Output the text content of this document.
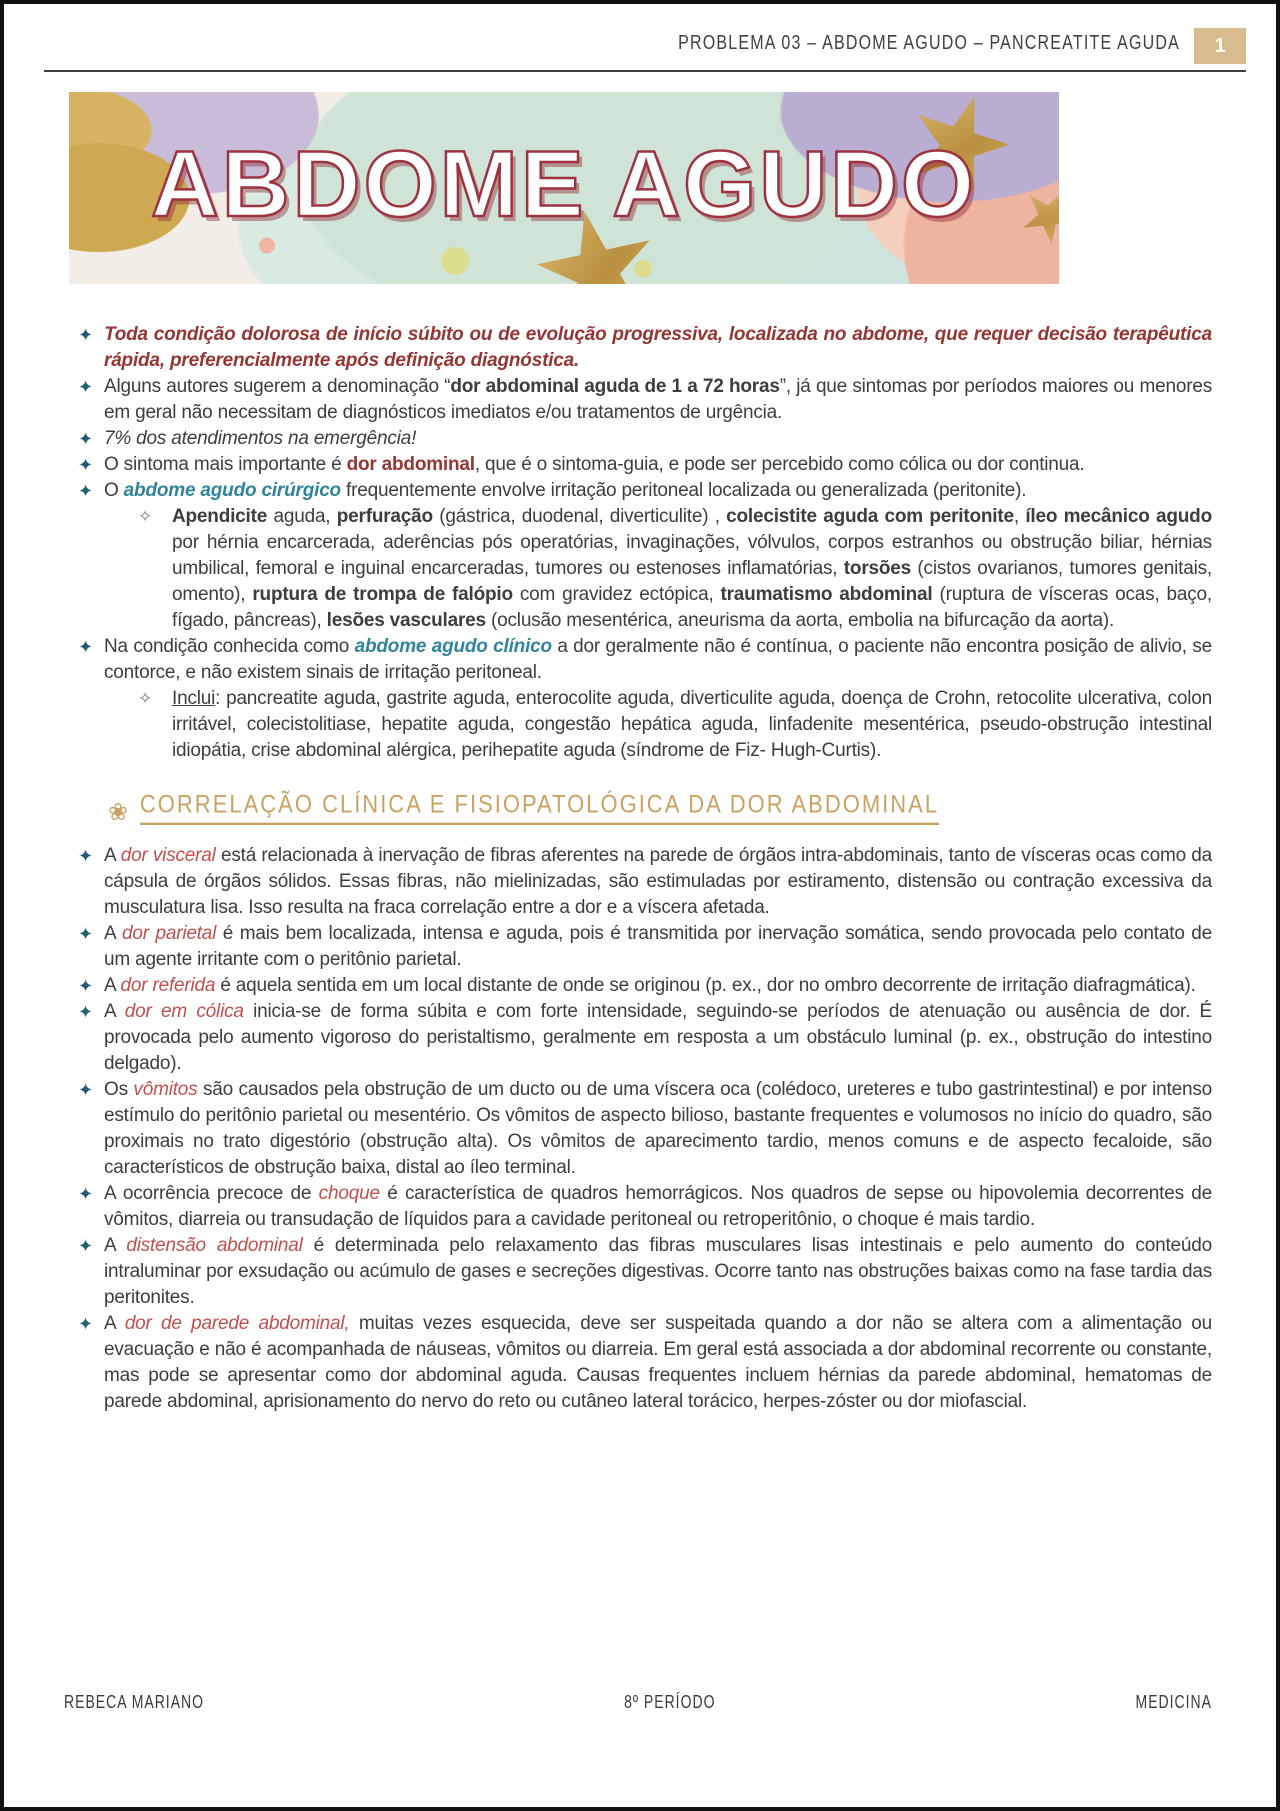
PROBLEMA 03 – ABDOME AGUDO – PANCREATITE AGUDA	1
ABDOME AGUDO
✦ Toda condição dolorosa de início súbito ou de evolução progressiva, localizada no abdome, que requer decisão terapêutica rápida, preferencialmente após definição diagnóstica.
✦ Alguns autores sugerem a denominação “dor abdominal aguda de 1 a 72 horas”, já que sintomas por períodos maiores ou menores em geral não necessitam de diagnósticos imediatos e/ou tratamentos de urgência.
✦ 7% dos atendimentos na emergência!
✦ O sintoma mais importante é dor abdominal, que é o sintoma-guia, e pode ser percebido como cólica ou dor continua.
✦ O abdome agudo cirúrgico frequentemente envolve irritação peritoneal localizada ou generalizada (peritonite).
✧	Apendicite aguda, perfuração (gástrica, duodenal, diverticulite) , colecistite aguda com peritonite, íleo mecânico agudo por hérnia encarcerada, aderências pós operatórias, invaginações, vólvulos, corpos estranhos ou obstrução biliar, hérnias umbilical, femoral e inguinal encarceradas, tumores ou estenoses inflamatórias, torsões (cistos ovarianos, tumores genitais, omento), ruptura de trompa de falópio com gravidez ectópica, traumatismo abdominal (ruptura de vísceras ocas, baço, fígado, pâncreas), lesões vasculares (oclusão mesentérica, aneurisma da aorta, embolia na bifurcação da aorta).
✦ Na condição conhecida como abdome agudo clínico a dor geralmente não é contínua, o paciente não encontra posição de alivio, se contorce, e não existem sinais de irritação peritoneal.
✧	Inclui: pancreatite aguda, gastrite aguda, enterocolite aguda, diverticulite aguda, doença de Crohn, retocolite ulcerativa, colon irritável, colecistolitiase, hepatite aguda, congestão hepática aguda, linfadenite mesentérica, pseudo-obstrução intestinal idiopátia, crise abdominal alérgica, perihepatite aguda (síndrome de Fiz- Hugh-Curtis).
❀ CORRELAÇÃO CLÍNICA E FISIOPATOLÓGICA DA DOR ABDOMINAL
✦ A dor visceral está relacionada à inervação de fibras aferentes na parede de órgãos intra-abdominais, tanto de vísceras ocas como da cápsula de órgãos sólidos. Essas fibras, não mielinizadas, são estimuladas por estiramento, distensão ou contração excessiva da musculatura lisa. Isso resulta na fraca correlação entre a dor e a víscera afetada.
✦ A dor parietal é mais bem localizada, intensa e aguda, pois é transmitida por inervação somática, sendo provocada pelo contato de um agente irritante com o peritônio parietal.
✦ A dor referida é aquela sentida em um local distante de onde se originou (p. ex., dor no ombro decorrente de irritação diafragmática).
✦ A dor em cólica inicia-se de forma súbita e com forte intensidade, seguindo-se períodos de atenuação ou ausência de dor. É provocada pelo aumento vigoroso do peristaltismo, geralmente em resposta a um obstáculo luminal (p. ex., obstrução do intestino delgado).
✦ Os vômitos são causados pela obstrução de um ducto ou de uma víscera oca (colédoco, ureteres e tubo gastrintestinal) e por intenso estímulo do peritônio parietal ou mesentério. Os vômitos de aspecto bilioso, bastante frequentes e volumosos no início do quadro, são proximais no trato digestório (obstrução alta). Os vômitos de aparecimento tardio, menos comuns e de aspecto fecaloide, são característicos de obstrução baixa, distal ao íleo terminal.
✦ A ocorrência precoce de choque é característica de quadros hemorrágicos. Nos quadros de sepse ou hipovolemia decorrentes de vômitos, diarreia ou transudação de líquidos para a cavidade peritoneal ou retroperitônio, o choque é mais tardio.
✦ A distensão abdominal é determinada pelo relaxamento das fibras musculares lisas intestinais e pelo aumento do conteúdo intraluminar por exsudação ou acúmulo de gases e secreções digestivas. Ocorre tanto nas obstruções baixas como na fase tardia das peritonites.
✦ A dor de parede abdominal, muitas vezes esquecida, deve ser suspeitada quando a dor não se altera com a alimentação ou evacuação e não é acompanhada de náuseas, vômitos ou diarreia. Em geral está associada a dor abdominal recorrente ou constante, mas pode se apresentar como dor abdominal aguda. Causas frequentes incluem hérnias da parede abdominal, hematomas de parede abdominal, aprisionamento do nervo do reto ou cutâneo lateral torácico, herpes-zóster ou dor miofascial.
REBECA MARIANO	8º PERÍODO	MEDICINA
